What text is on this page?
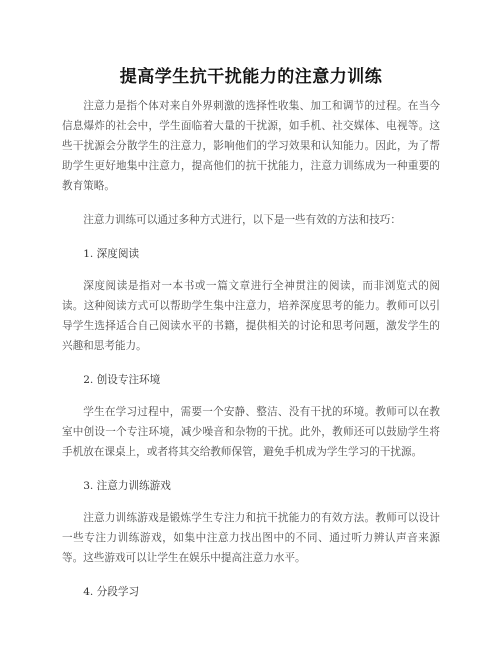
提高学生抗干扰能力的注意力训练

注意力是指个体对来自外界刺激的选择性收集、加工和调节的过程。在当今信息爆炸的社会中，学生面临着大量的干扰源，如手机、社交媒体、电视等。这些干扰源会分散学生的注意力，影响他们的学习效果和认知能力。因此，为了帮助学生更好地集中注意力，提高他们的抗干扰能力，注意力训练成为一种重要的教育策略。

注意力训练可以通过多种方式进行，以下是一些有效的方法和技巧：

1. 深度阅读

深度阅读是指对一本书或一篇文章进行全神贯注的阅读，而非浏览式的阅读。这种阅读方式可以帮助学生集中注意力，培养深度思考的能力。教师可以引导学生选择适合自己阅读水平的书籍，提供相关的讨论和思考问题，激发学生的兴趣和思考能力。

2. 创设专注环境

学生在学习过程中，需要一个安静、整洁、没有干扰的环境。教师可以在教室中创设一个专注环境，减少噪音和杂物的干扰。此外，教师还可以鼓励学生将手机放在课桌上，或者将其交给教师保管，避免手机成为学生学习的干扰源。

3. 注意力训练游戏

注意力训练游戏是锻炼学生专注力和抗干扰能力的有效方法。教师可以设计一些专注力训练游戏，如集中注意力找出图中的不同、通过听力辨认声音来源等。这些游戏可以让学生在娱乐中提高注意力水平。

4. 分段学习
